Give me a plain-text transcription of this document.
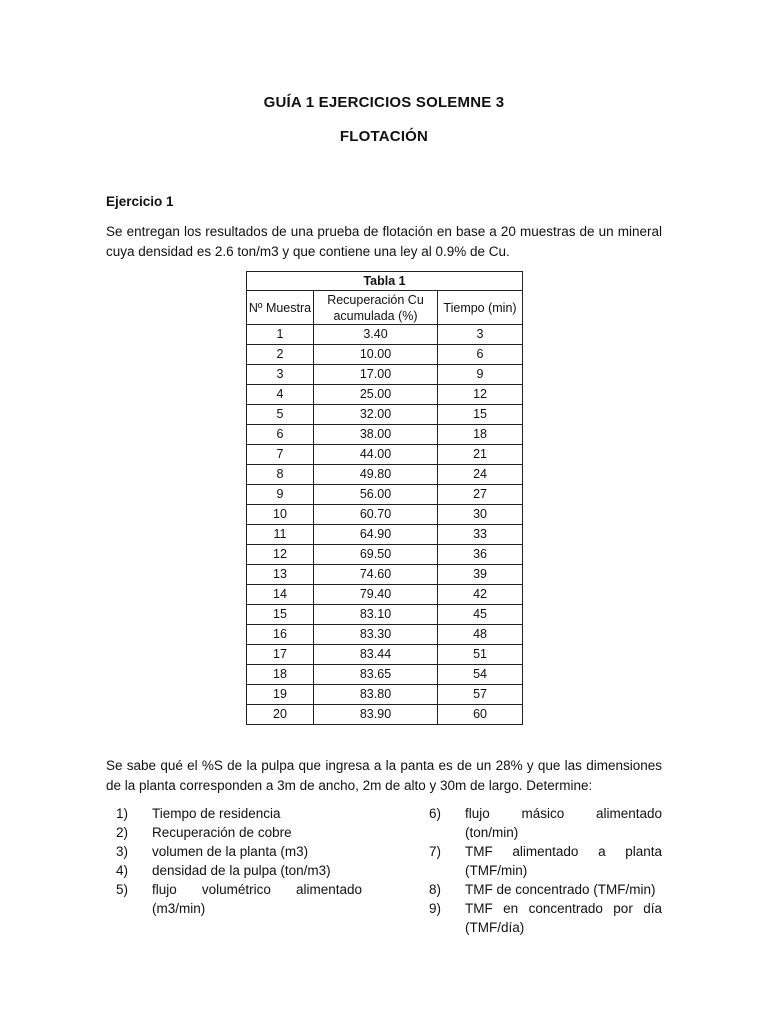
GUÍA 1 EJERCICIOS SOLEMNE 3
FLOTACIÓN
Ejercicio 1
Se entregan los resultados de una prueba de flotación en base a 20 muestras de un mineral cuya densidad es 2.6 ton/m3 y que contiene una ley al 0.9% de Cu.
Tabla 1		
Nº Muestra	Recuperación Cu acumulada (%)	Tiempo (min)
1	3.40	3
2	10.00	6
3	17.00	9
4	25.00	12
5	32.00	15
6	38.00	18
7	44.00	21
8	49.80	24
9	56.00	27
10	60.70	30
11	64.90	33
12	69.50	36
13	74.60	39
14	79.40	42
15	83.10	45
16	83.30	48
17	83.44	51
18	83.65	54
19	83.80	57
20	83.90	60
Se sabe qué el %S de la pulpa que ingresa a la panta es de un 28% y que las dimensiones de la planta corresponden a 3m de ancho, 2m de alto y 30m de largo. Determine:
1) Tiempo de residencia
2) Recuperación de cobre
3) volumen de la planta (m3)
4) densidad de la pulpa (ton/m3)
5) flujo volumétrico alimentado (m3/min)
6) flujo másico alimentado (ton/min)
7) TMF alimentado a planta (TMF/min)
8) TMF de concentrado (TMF/min)
9) TMF en concentrado por día (TMF/día)
